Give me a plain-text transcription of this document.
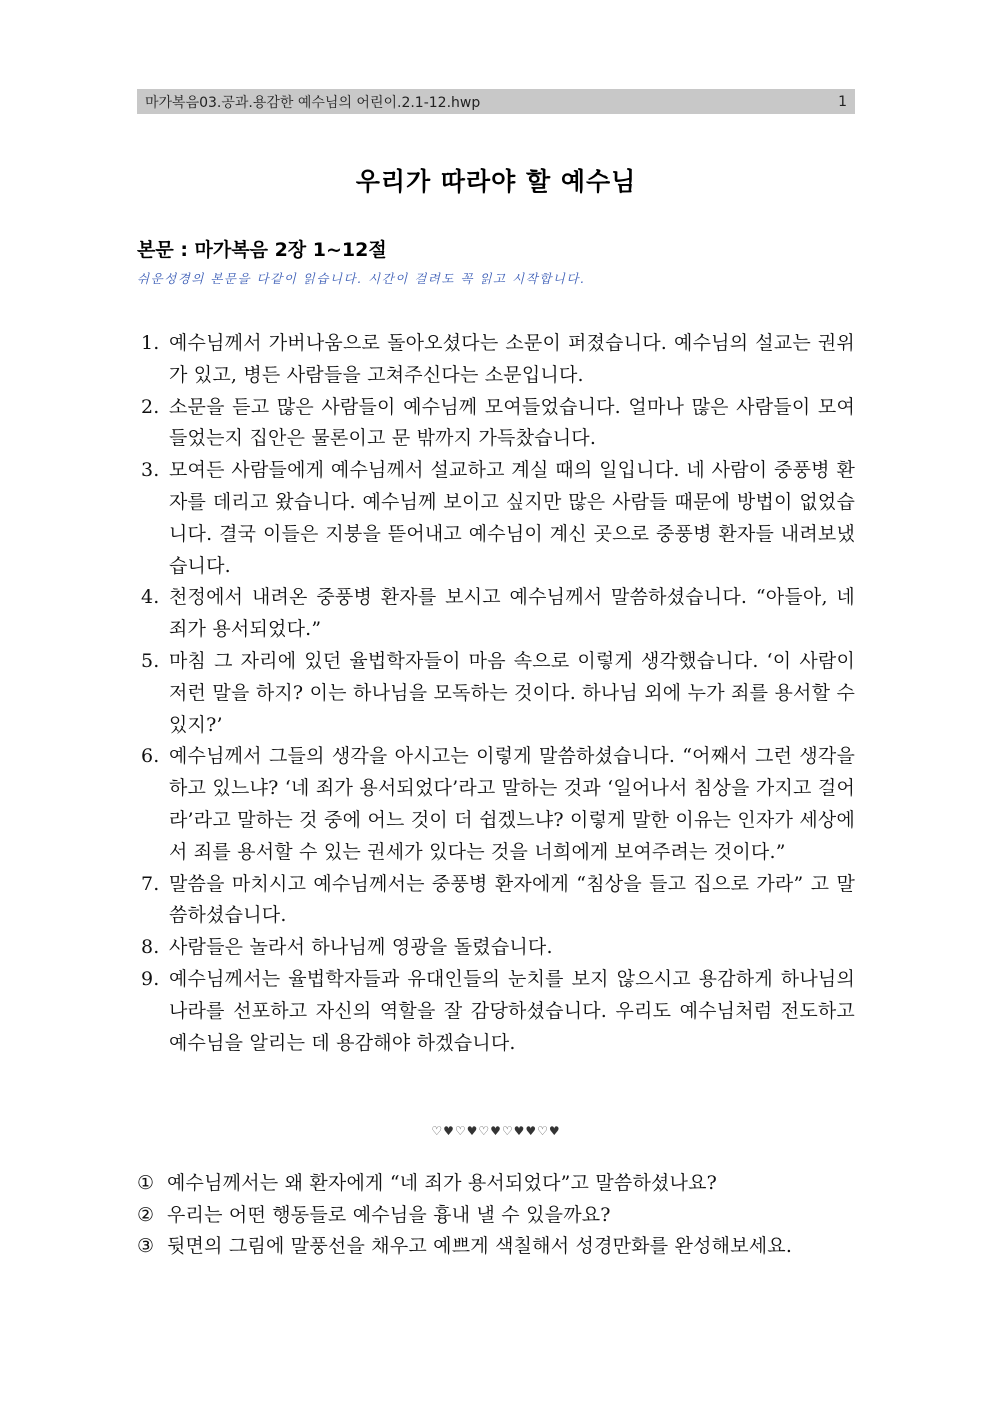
마가복음03.공과.용감한 예수님의 어린이.2.1-12.hwp	1
우리가 따라야 할 예수님
본문 : 마가복음 2장 1~12절
쉬운성경의 본문을 다같이 읽습니다. 시간이 걸려도 꼭 읽고 시작합니다.
1. 예수님께서 가버나움으로 돌아오셨다는 소문이 퍼졌습니다. 예수님의 설교는 권위가 있고, 병든 사람들을 고쳐주신다는 소문입니다.
2. 소문을 듣고 많은 사람들이 예수님께 모여들었습니다. 얼마나 많은 사람들이 모여들었는지 집안은 물론이고 문 밖까지 가득찼습니다.
3. 모여든 사람들에게 예수님께서 설교하고 계실 때의 일입니다. 네 사람이 중풍병 환자를 데리고 왔습니다. 예수님께 보이고 싶지만 많은 사람들 때문에 방법이 없었습니다. 결국 이들은 지붕을 뜯어내고 예수님이 계신 곳으로 중풍병 환자들 내려보냈습니다.
4. 천정에서 내려온 중풍병 환자를 보시고 예수님께서 말씀하셨습니다. “아들아, 네 죄가 용서되었다.”
5. 마침 그 자리에 있던 율법학자들이 마음 속으로 이렇게 생각했습니다. ‘이 사람이 저런 말을 하지? 이는 하나님을 모독하는 것이다. 하나님 외에 누가 죄를 용서할 수 있지?’
6. 예수님께서 그들의 생각을 아시고는 이렇게 말씀하셨습니다. “어째서 그런 생각을 하고 있느냐? ‘네 죄가 용서되었다’라고 말하는 것과 ‘일어나서 침상을 가지고 걸어라’라고 말하는 것 중에 어느 것이 더 쉽겠느냐? 이렇게 말한 이유는 인자가 세상에서 죄를 용서할 수 있는 권세가 있다는 것을 너희에게 보여주려는 것이다.”
7. 말씀을 마치시고 예수님께서는 중풍병 환자에게 “침상을 들고 집으로 가라” 고 말씀하셨습니다.
8. 사람들은 놀라서 하나님께 영광을 돌렸습니다.
9. 예수님께서는 율법학자들과 유대인들의 눈치를 보지 않으시고 용감하게 하나님의 나라를 선포하고 자신의 역할을 잘 감당하셨습니다. 우리도 예수님처럼 전도하고 예수님을 알리는 데 용감해야 하겠습니다.
♡♥♡♥♡♥♡♥♥♡♥
① 예수님께서는 왜 환자에게 “네 죄가 용서되었다”고 말씀하셨나요?
② 우리는 어떤 행동들로 예수님을 흉내 낼 수 있을까요?
③ 뒷면의 그림에 말풍선을 채우고 예쁘게 색칠해서 성경만화를 완성해보세요.
